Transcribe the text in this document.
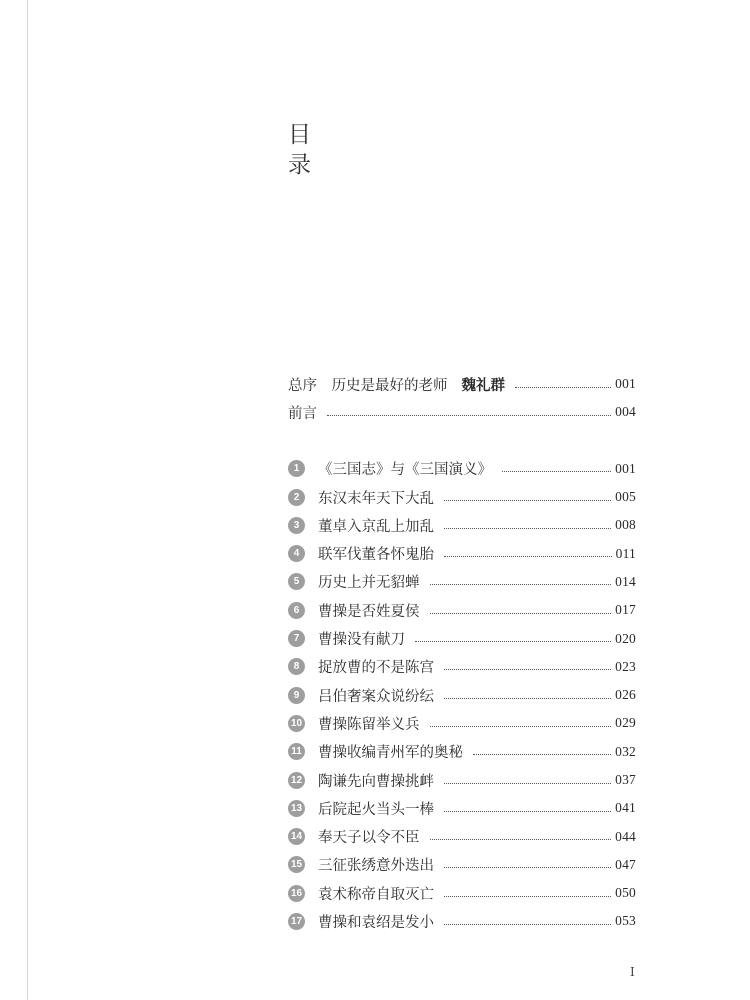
目
录
总序　历史是最好的老师 魏礼群	001
前言	004
1	《三国志》与《三国演义》	001
2	东汉末年天下大乱	005
3	董卓入京乱上加乱	008
4	联军伐董各怀鬼胎	011
5	历史上并无貂蝉	014
6	曹操是否姓夏侯	017
7	曹操没有献刀	020
8	捉放曹的不是陈宫	023
9	吕伯奢案众说纷纭	026
10 曹操陈留举义兵	029
11 曹操收编青州军的奥秘	032
12 陶谦先向曹操挑衅	037
13 后院起火当头一棒	041
14 奉天子以令不臣	044
15 三征张绣意外迭出	047
16 袁术称帝自取灭亡	050
17 曹操和袁绍是发小	053
I
